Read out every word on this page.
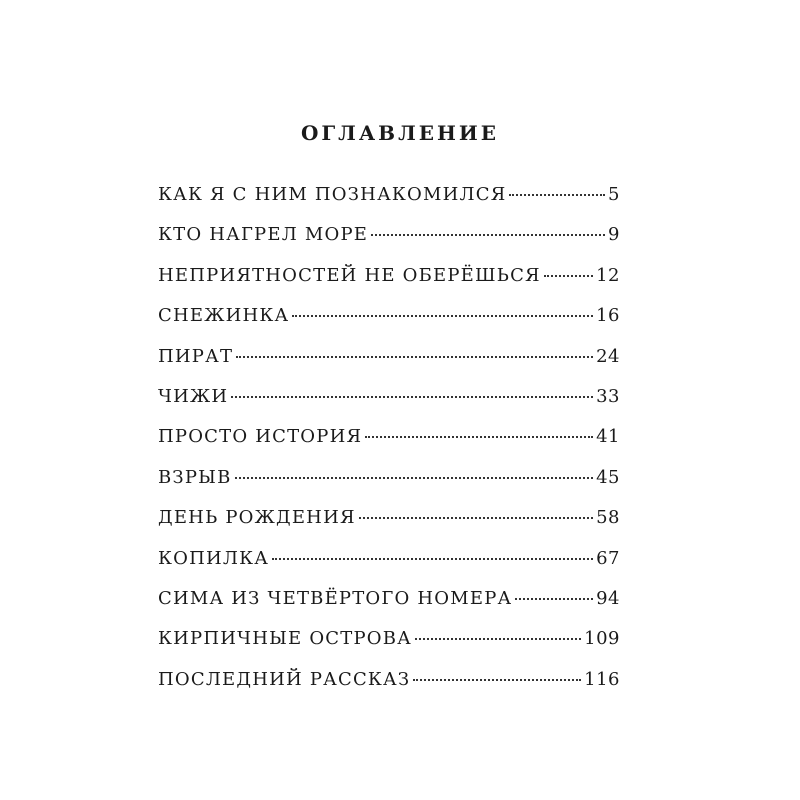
ОГЛАВЛЕНИЕ
КАК Я С НИМ ПОЗНАКОМИЛСЯ	5
КТО НАГРЕЛ МОРЕ	9
НЕПРИЯТНОСТЕЙ НЕ ОБЕРЁШЬСЯ	12
СНЕЖИНКА	16
ПИРАТ	24
ЧИЖИ	33
ПРОСТО ИСТОРИЯ	41
ВЗРЫВ	45
ДЕНЬ РОЖДЕНИЯ	58
КОПИЛКА	67
СИМА ИЗ ЧЕТВЁРТОГО НОМЕРА	94
КИРПИЧНЫЕ ОСТРОВА	109
ПОСЛЕДНИЙ РАССКАЗ	116
